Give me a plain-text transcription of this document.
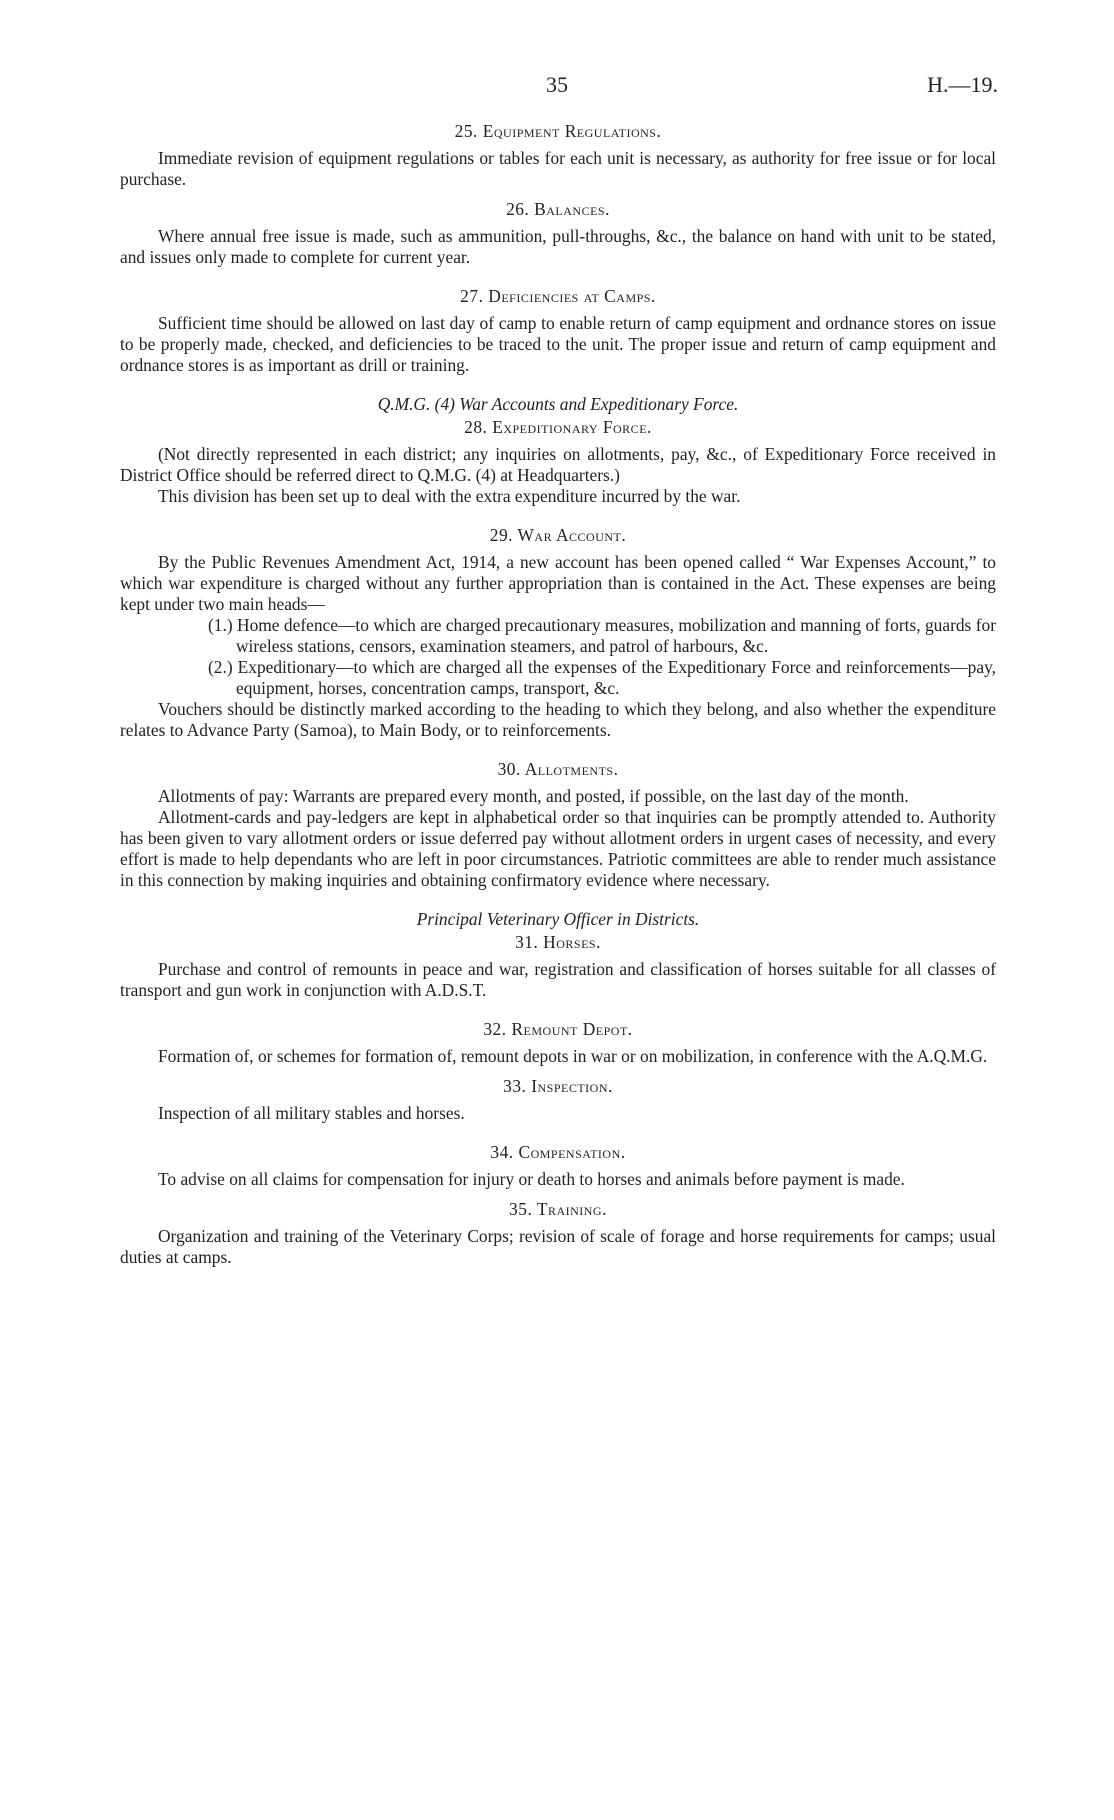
35	H.—19.
25. Equipment Regulations.

Immediate revision of equipment regulations or tables for each unit is necessary, as authority for free issue or for local purchase.

26. Balances.

Where annual free issue is made, such as ammunition, pull-throughs, &c., the balance on hand with unit to be stated, and issues only made to complete for current year.

27. Deficiencies at Camps.

Sufficient time should be allowed on last day of camp to enable return of camp equipment and ordnance stores on issue to be properly made, checked, and deficiencies to be traced to the unit. The proper issue and return of camp equipment and ordnance stores is as important as drill or training.

Q.M.G. (4) War Accounts and Expeditionary Force.
28. Expeditionary Force.

(Not directly represented in each district; any inquiries on allotments, pay, &c., of Expeditionary Force received in District Office should be referred direct to Q.M.G. (4) at Headquarters.)

This division has been set up to deal with the extra expenditure incurred by the war.

29. War Account.

By the Public Revenues Amendment Act, 1914, a new account has been opened called “ War Expenses Account,” to which war expenditure is charged without any further appropriation than is contained in the Act. These expenses are being kept under two main heads—

(1.) Home defence—to which are charged precautionary measures, mobilization and manning of forts, guards for wireless stations, censors, examination steamers, and patrol of harbours, &c.
(2.) Expeditionary—to which are charged all the expenses of the Expeditionary Force and reinforcements—pay, equipment, horses, concentration camps, transport, &c.

Vouchers should be distinctly marked according to the heading to which they belong, and also whether the expenditure relates to Advance Party (Samoa), to Main Body, or to reinforcements.

30. Allotments.

Allotments of pay: Warrants are prepared every month, and posted, if possible, on the last day of the month.

Allotment-cards and pay-ledgers are kept in alphabetical order so that inquiries can be promptly attended to. Authority has been given to vary allotment orders or issue deferred pay without allotment orders in urgent cases of necessity, and every effort is made to help dependants who are left in poor circumstances. Patriotic committees are able to render much assistance in this connection by making inquiries and obtaining confirmatory evidence where necessary.

Principal Veterinary Officer in Districts.
31. Horses.

Purchase and control of remounts in peace and war, registration and classification of horses suitable for all classes of transport and gun work in conjunction with A.D.S.T.

32. Remount Depot.

Formation of, or schemes for formation of, remount depots in war or on mobilization, in conference with the A.Q.M.G.

33. Inspection.

Inspection of all military stables and horses.

34. Compensation.

To advise on all claims for compensation for injury or death to horses and animals before payment is made.

35. Training.

Organization and training of the Veterinary Corps; revision of scale of forage and horse requirements for camps; usual duties at camps.
